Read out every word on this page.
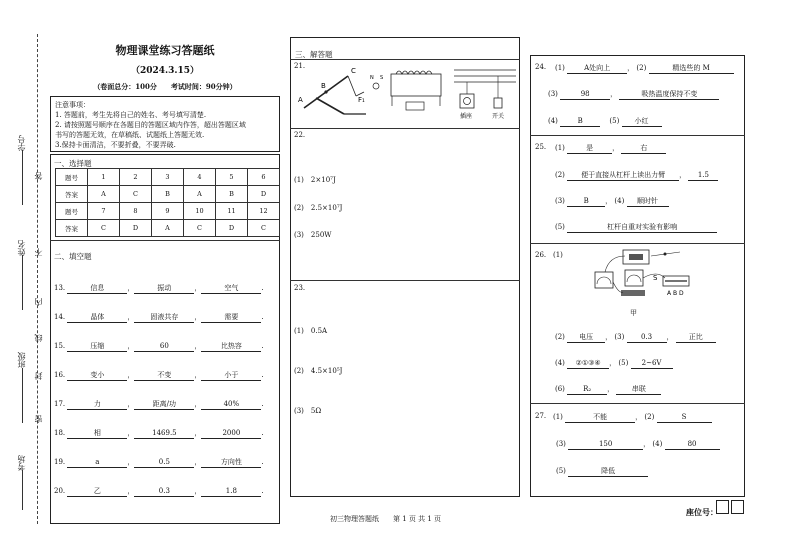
学号
姓名
班级
考场
答
不
内
线
封
密
物理课堂练习答题纸
（2024.3.15）
（卷面总分：100分　　考试时间：90分钟）
注意事项：
1. 答题前，考生先将自己的姓名、考号填写清楚.
2. 请按照题号顺序在各题目的答题区域内作答，超出答题区域
书写的答题无效，在草稿纸、试题纸上答题无效.
3.保持卡面清洁，不要折叠，不要弄破.
一、选择题
题号	1	2	3	4	5	6
答案	A	C	B	A	B	D
题号	7	8	9	10	11	12
答案	C	D	A	C	D	C
二、填空题
13.	信息	，	振动	，	空气	.
14.	晶体	， 固液共存 ，	需要	.
15.	压缩	，	60	，	比热容	.
16.	变小	，	不变	，	小于	.
17.	力	，	距离/功	，	40%	.
18.	相	，	1469.5	，	2000	.
19.	a	，	0.5	，	方向性	.
20.	乙	，	0.3	，	1.8	.
三、解答题
21.
A
B
C
F₁
N S
插座	开关
22.
(1)　2×10⁷J
(2)　2.5×10⁷J
(3)　250W
23.
(1)　0.5A
(2)　4.5×10⁵J
(3)　5Ω
24. (1)	A处向上 ， (2)	精选些的 M
(3)	98	，	吸热温度保持不变
(4)	B　	(5) 小红
25. (1)	是	，	右
(2) 便于直接从杠杆上读出力臂 ， 1.5
(3)	B ， (4) 顺时针
(5)	杠杆自重对实验有影响
26. (1)
S
A B D
甲
(2) 电压 ， (3) 0.3 ， 正比
(4) ②①③④ ， (5) 2~6V
(6)	R₂ ， 串联
27. (1)	不能	， (2)	S
(3)	150	， (4)	80
(5)	降低
初三物理答题纸　　第 1 页 共 1 页
座位号：
